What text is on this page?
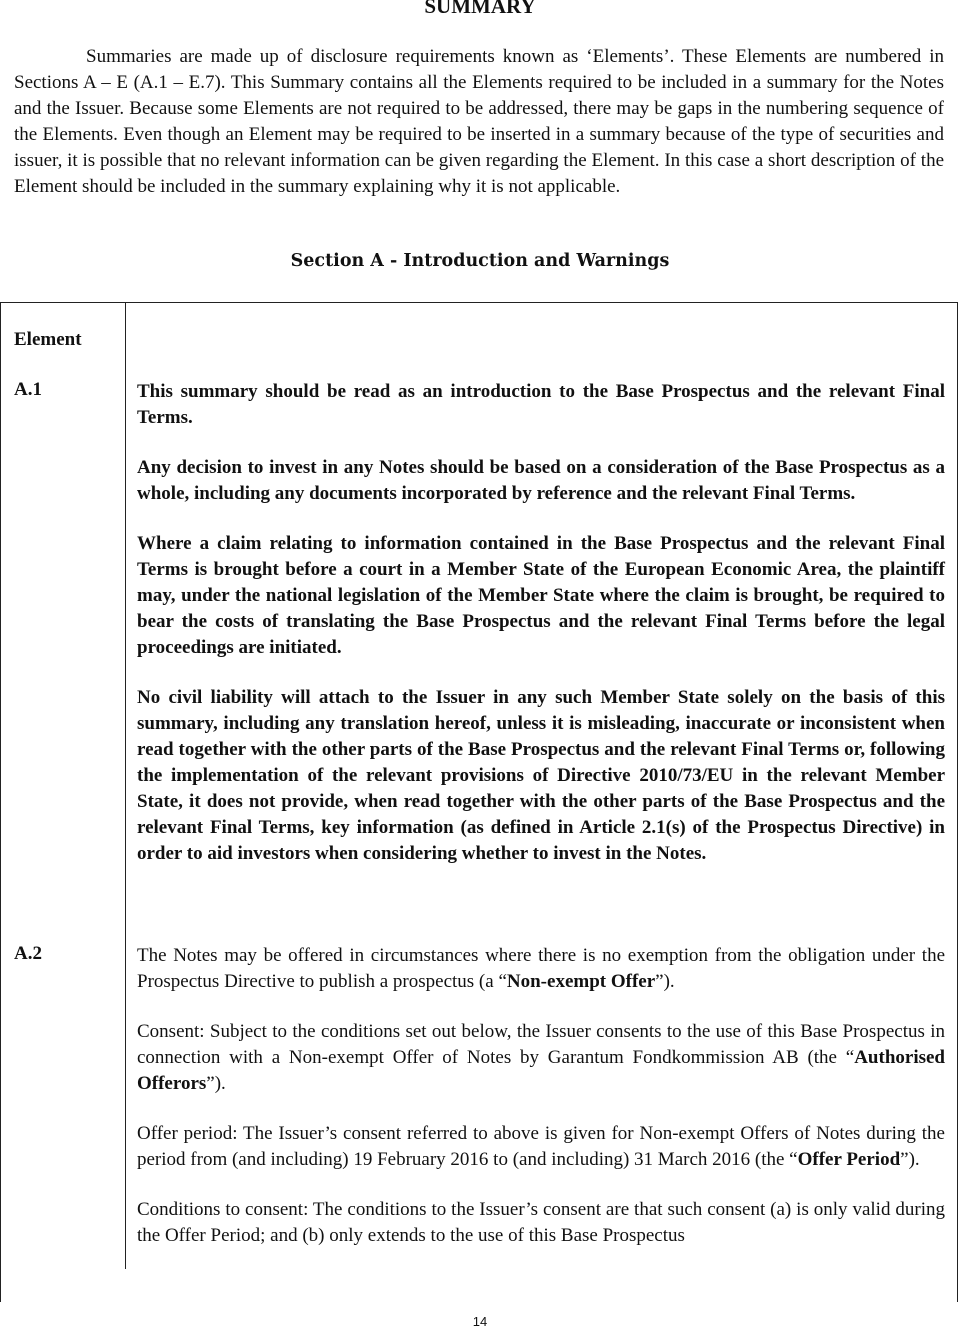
SUMMARY

Summaries are made up of disclosure requirements known as ‘Elements’. These Elements are numbered in Sections A – E (A.1 – E.7). This Summary contains all the Elements required to be included in a summary for the Notes and the Issuer. Because some Elements are not required to be addressed, there may be gaps in the numbering sequence of the Elements. Even though an Element may be required to be inserted in a summary because of the type of securities and issuer, it is possible that no relevant information can be given regarding the Element. In this case a short description of the Element should be included in the summary explaining why it is not applicable.

Section A - Introduction and Warnings
Element
A.1	This summary should be read as an introduction to the Base Prospectus and the relevant Final Terms.

Any decision to invest in any Notes should be based on a consideration of the Base Prospectus as a whole, including any documents incorporated by reference and the relevant Final Terms.

Where a claim relating to information contained in the Base Prospectus and the relevant Final Terms is brought before a court in a Member State of the European Economic Area, the plaintiff may, under the national legislation of the Member State where the claim is brought, be required to bear the costs of translating the Base Prospectus and the relevant Final Terms before the legal proceedings are initiated.

No civil liability will attach to the Issuer in any such Member State solely on the basis of this summary, including any translation hereof, unless it is misleading, inaccurate or inconsistent when read together with the other parts of the Base Prospectus and the relevant Final Terms or, following the implementation of the relevant provisions of Directive 2010/73/EU in the relevant Member State, it does not provide, when read together with the other parts of the Base Prospectus and the relevant Final Terms, key information (as defined in Article 2.1(s) of the Prospectus Directive) in order to aid investors when considering whether to invest in the Notes.

A.2	The Notes may be offered in circumstances where there is no exemption from the obligation under the Prospectus Directive to publish a prospectus (a “Non-exempt Offer”).

Consent: Subject to the conditions set out below, the Issuer consents to the use of this Base Prospectus in connection with a Non-exempt Offer of Notes by Garantum Fondkommission AB (the “Authorised Offerors”).

Offer period: The Issuer’s consent referred to above is given for Non-exempt Offers of Notes during the period from (and including) 19 February 2016 to (and including) 31 March 2016 (the “Offer Period”).

Conditions to consent: The conditions to the Issuer’s consent are that such consent (a) is only valid during the Offer Period; and (b) only extends to the use of this Base Prospectus

14
